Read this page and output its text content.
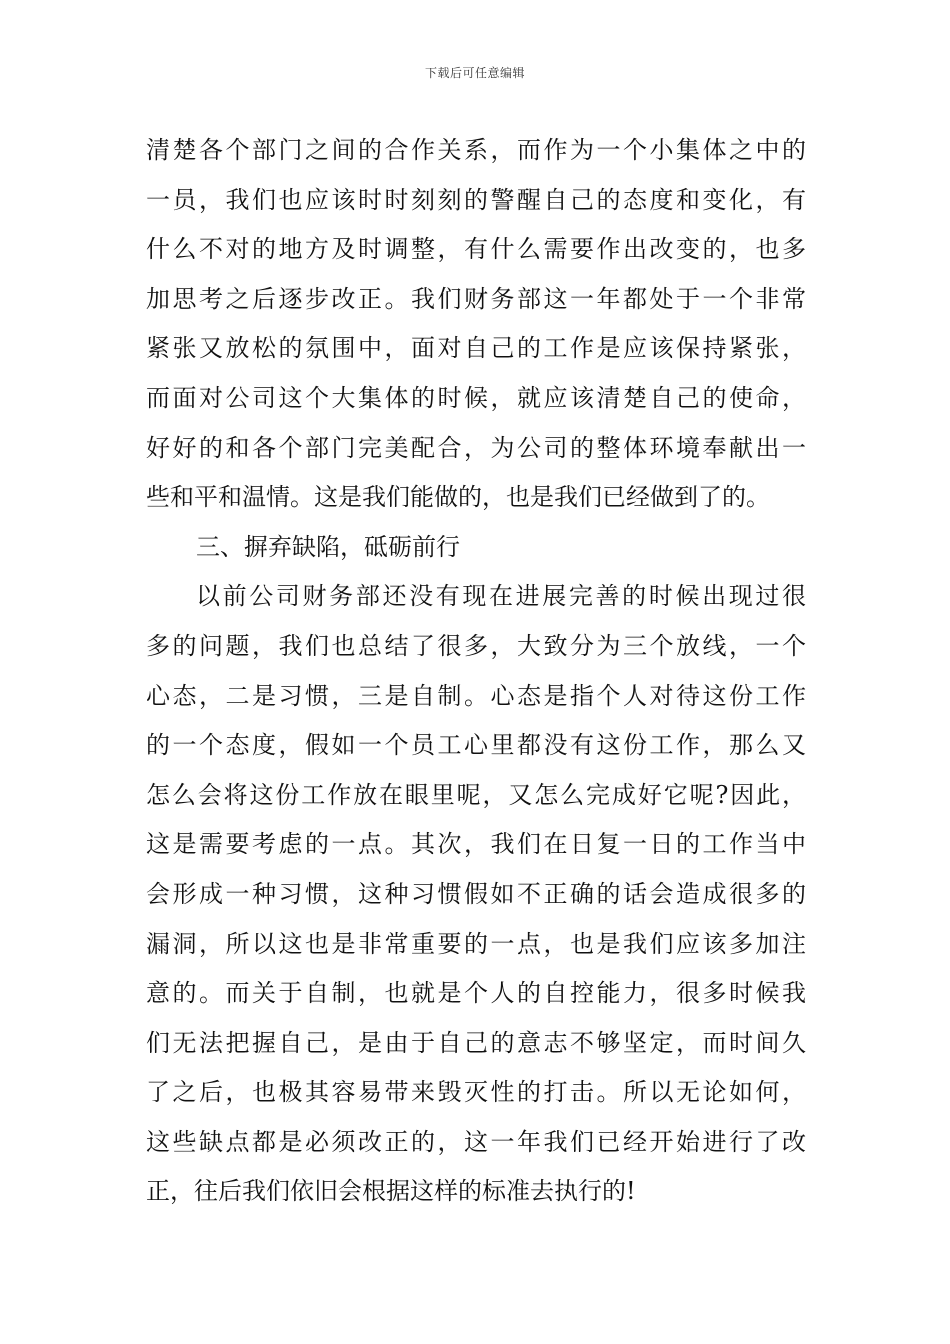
下载后可任意编辑
清楚各个部门之间的合作关系，而作为一个小集体之中的
一员，我们也应该时时刻刻的警醒自己的态度和变化，有
什么不对的地方及时调整，有什么需要作出改变的，也多
加思考之后逐步改正。我们财务部这一年都处于一个非常
紧张又放松的氛围中，面对自己的工作是应该保持紧张，
而面对公司这个大集体的时候，就应该清楚自己的使命，
好好的和各个部门完美配合，为公司的整体环境奉献出一
些和平和温情。这是我们能做的，也是我们已经做到了的。
三、摒弃缺陷，砥砺前行
以前公司财务部还没有现在进展完善的时候出现过很
多的问题，我们也总结了很多，大致分为三个放线，一个
心态，二是习惯，三是自制。心态是指个人对待这份工作
的一个态度，假如一个员工心里都没有这份工作，那么又
怎么会将这份工作放在眼里呢，又怎么完成好它呢?因此，
这是需要考虑的一点。其次，我们在日复一日的工作当中
会形成一种习惯，这种习惯假如不正确的话会造成很多的
漏洞，所以这也是非常重要的一点，也是我们应该多加注
意的。而关于自制，也就是个人的自控能力，很多时候我
们无法把握自己，是由于自己的意志不够坚定，而时间久
了之后，也极其容易带来毁灭性的打击。所以无论如何，
这些缺点都是必须改正的，这一年我们已经开始进行了改
正，往后我们依旧会根据这样的标准去执行的!
